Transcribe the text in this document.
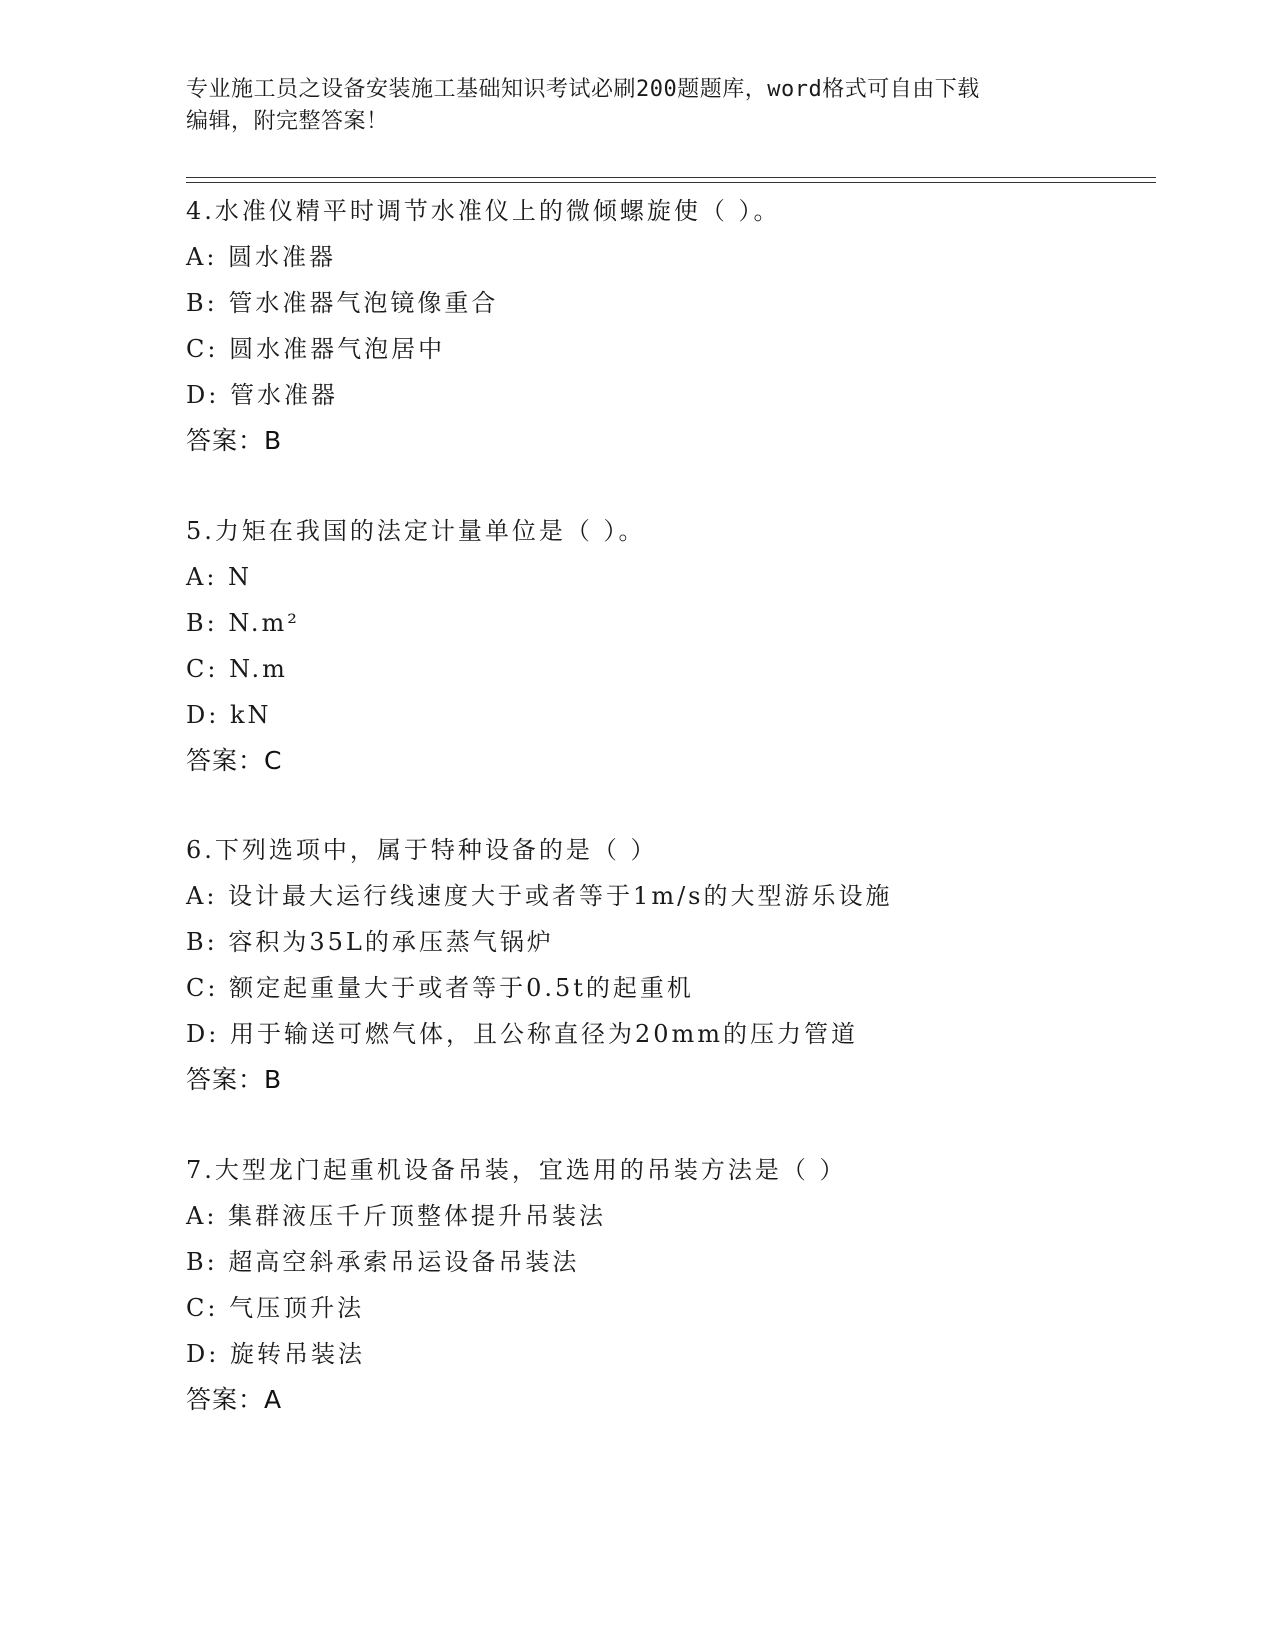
专业施工员之设备安装施工基础知识考试必刷200题题库，word格式可自由下载
编辑，附完整答案！
4.水准仪精平时调节水准仪上的微倾螺旋使（ ）。
A: 圆水准器
B: 管水准器气泡镜像重合
C: 圆水准器气泡居中
D: 管水准器
答案：B
5.力矩在我国的法定计量单位是（ ）。
A: N
B: N.m²
C: N.m
D: kN
答案：C
6.下列选项中，属于特种设备的是（ ）
A: 设计最大运行线速度大于或者等于1m/s的大型游乐设施
B: 容积为35L的承压蒸气锅炉
C: 额定起重量大于或者等于0.5t的起重机
D: 用于输送可燃气体，且公称直径为20mm的压力管道
答案：B
7.大型龙门起重机设备吊装，宜选用的吊装方法是（ ）
A: 集群液压千斤顶整体提升吊装法
B: 超高空斜承索吊运设备吊装法
C: 气压顶升法
D: 旋转吊装法
答案：A
